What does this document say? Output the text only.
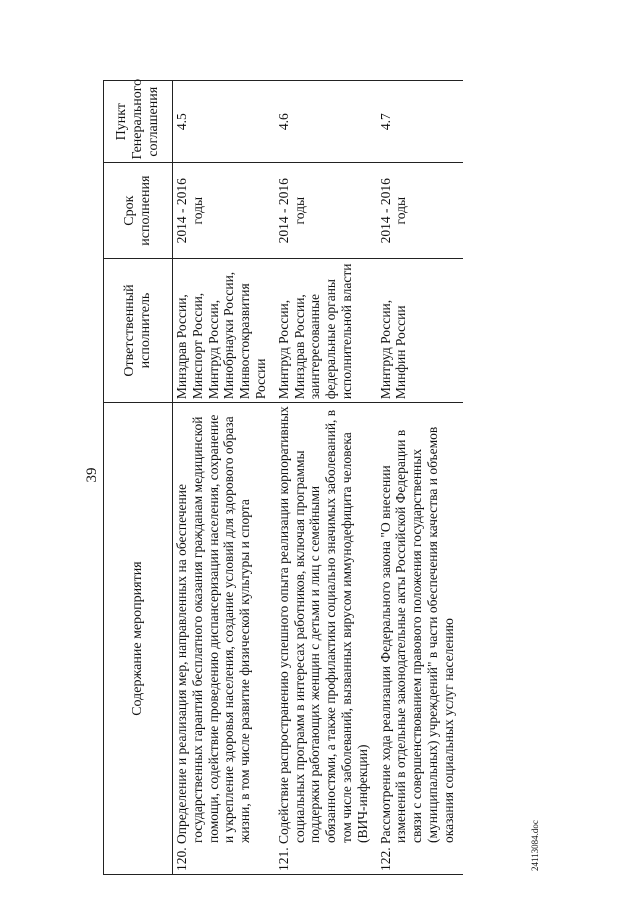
39
Содержание мероприятия	Ответственный исполнитель	Срок исполнения	Пункт Генерального соглашения

120. Определение и реализация мер, направленных на обеспечение государственных гарантий бесплатного оказания гражданам медицинской помощи, содействие проведению диспансеризации населения, сохранение и укрепление здоровья населения, создание условий для здорового образа жизни, в том числе развитие физической культуры и спорта	Минздрав России, Минспорт России, Минтруд России, Минобрнауки России, Минвостокразвития России	2014 - 2016 годы	4.5

121. Содействие распространению успешного опыта реализации корпоративных социальных программ в интересах работников, включая программы поддержки работающих женщин с детьми и лиц с семейными обязанностями, а также профилактики социально значимых заболеваний, в том числе заболеваний, вызванных вирусом иммунодефицита человека (ВИЧ-инфекции)	Минтруд России, Минздрав России, заинтересованные федеральные органы исполнительной власти	2014 - 2016 годы	4.6

122. Рассмотрение хода реализации Федерального закона "О внесении изменений в отдельные законодательные акты Российской Федерации в связи с совершенствованием правового положения государственных (муниципальных) учреждений" в части обеспечения качества и объемов оказания социальных услуг населению	Минтруд России, Минфин России	2014 - 2016 годы	4.7
24113084.doc
